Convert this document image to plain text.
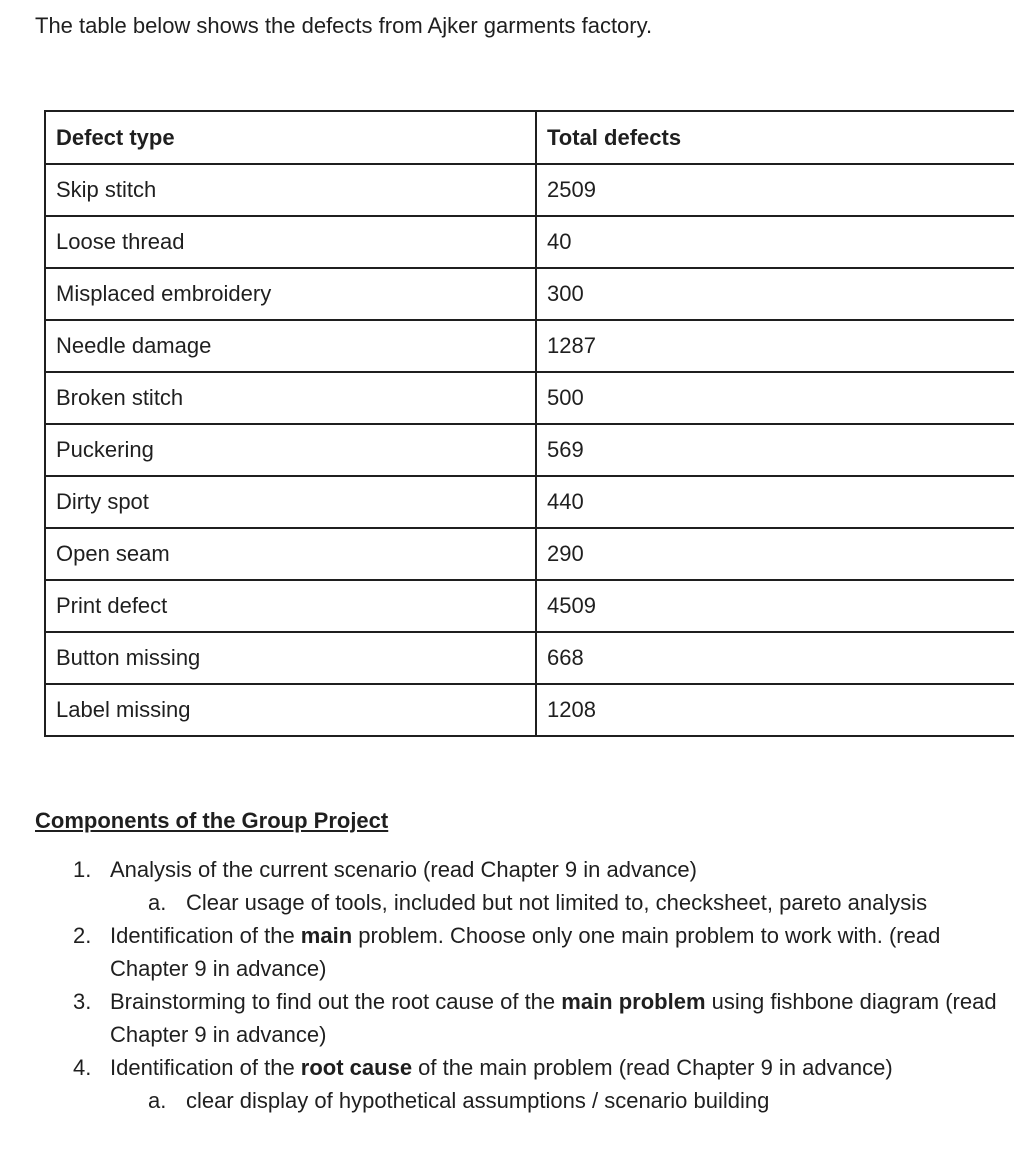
The table below shows the defects from Ajker garments factory.

Defect type	Total defects
Skip stitch	2509
Loose thread	40
Misplaced embroidery	300
Needle damage	1287
Broken stitch	500
Puckering	569
Dirty spot	440
Open seam	290
Print defect	4509
Button missing	668
Label missing	1208

Components of the Group Project

1. Analysis of the current scenario (read Chapter 9 in advance)
a. Clear usage of tools, included but not limited to, checksheet, pareto analysis
2. Identification of the main problem. Choose only one main problem to work with. (read Chapter 9 in advance)
3. Brainstorming to find out the root cause of the main problem using fishbone diagram (read Chapter 9 in advance)
4. Identification of the root cause of the main problem (read Chapter 9 in advance)
a. clear display of hypothetical assumptions / scenario building
